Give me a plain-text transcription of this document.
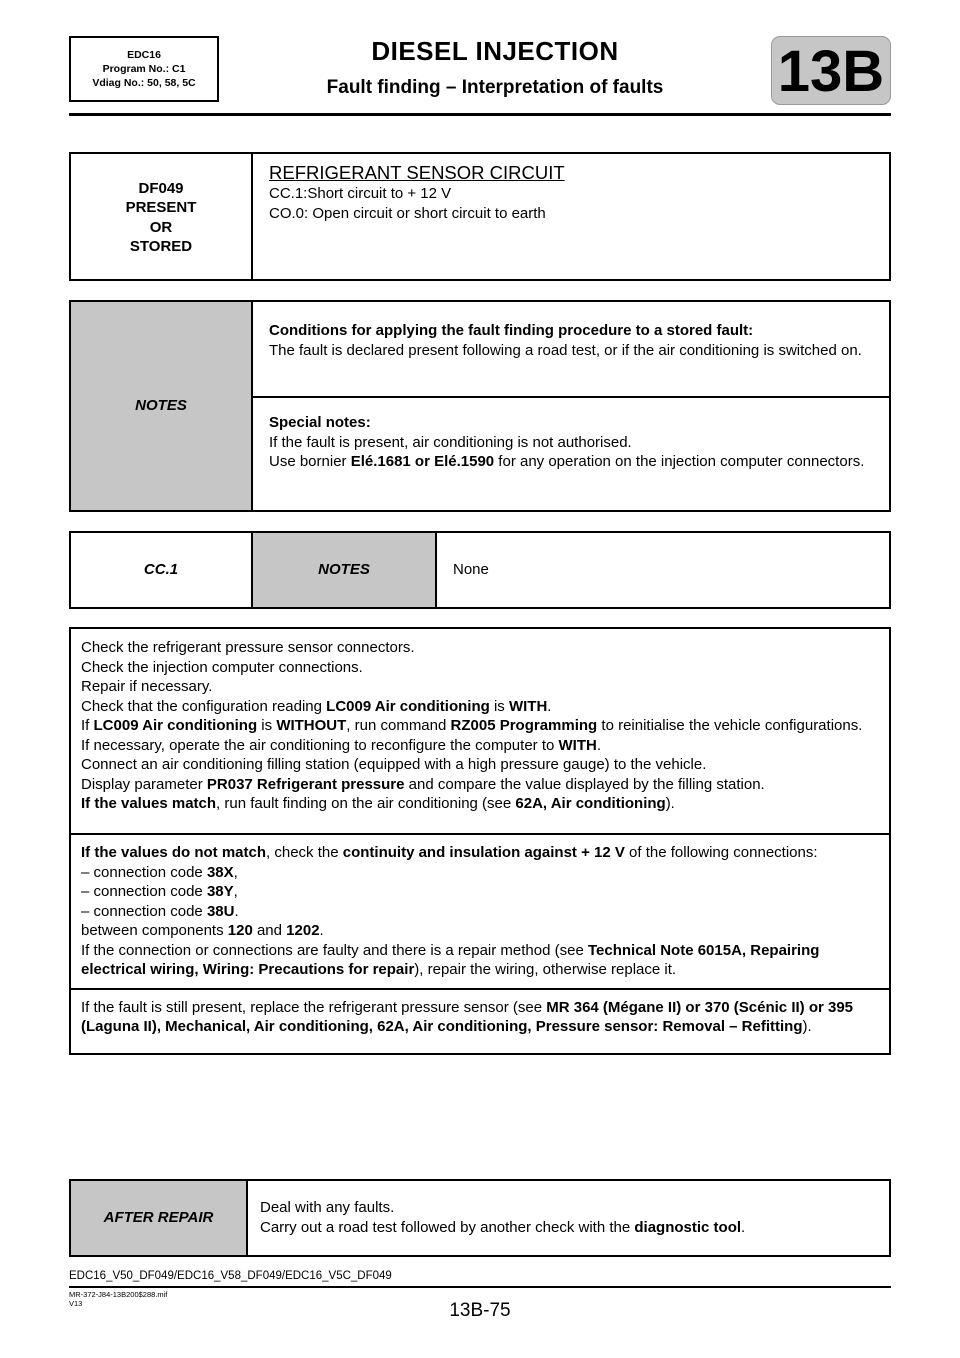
EDC16
Program No.: C1
Vdiag No.: 50, 58, 5C
DIESEL INJECTION
Fault finding – Interpretation of faults	13B
DF049
PRESENT
OR
STORED

REFRIGERANT SENSOR CIRCUIT
CC.1:Short circuit to + 12 V
CO.0: Open circuit or short circuit to earth
NOTES	
Conditions for applying the fault finding procedure to a stored fault:
The fault is declared present following a road test, or if the air conditioning is switched on.

Special notes:
If the fault is present, air conditioning is not authorised.
Use bornier Elé.1681 or Elé.1590 for any operation on the injection computer connectors.
CC.1	NOTES	None
Check the refrigerant pressure sensor connectors.
Check the injection computer connections.
Repair if necessary.
Check that the configuration reading LC009 Air conditioning is WITH.
If LC009 Air conditioning is WITHOUT, run command RZ005 Programming to reinitialise the vehicle configurations.
If necessary, operate the air conditioning to reconfigure the computer to WITH.
Connect an air conditioning filling station (equipped with a high pressure gauge) to the vehicle.
Display parameter PR037 Refrigerant pressure and compare the value displayed by the filling station.
If the values match, run fault finding on the air conditioning (see 62A, Air conditioning).

If the values do not match, check the continuity and insulation against + 12 V of the following connections:
– connection code 38X,
– connection code 38Y,
– connection code 38U.
between components 120 and 1202.
If the connection or connections are faulty and there is a repair method (see Technical Note 6015A, Repairing electrical wiring, Wiring: Precautions for repair), repair the wiring, otherwise replace it.

If the fault is still present, replace the refrigerant pressure sensor (see MR 364 (Mégane II) or 370 (Scénic II) or 395 (Laguna II), Mechanical, Air conditioning, 62A, Air conditioning, Pressure sensor: Removal – Refitting).
AFTER REPAIR	
Deal with any faults.
Carry out a road test followed by another check with the diagnostic tool.
EDC16_V50_DF049/EDC16_V58_DF049/EDC16_V5C_DF049
MR-372-J84-13B200$288.mif
V13	13B-75
